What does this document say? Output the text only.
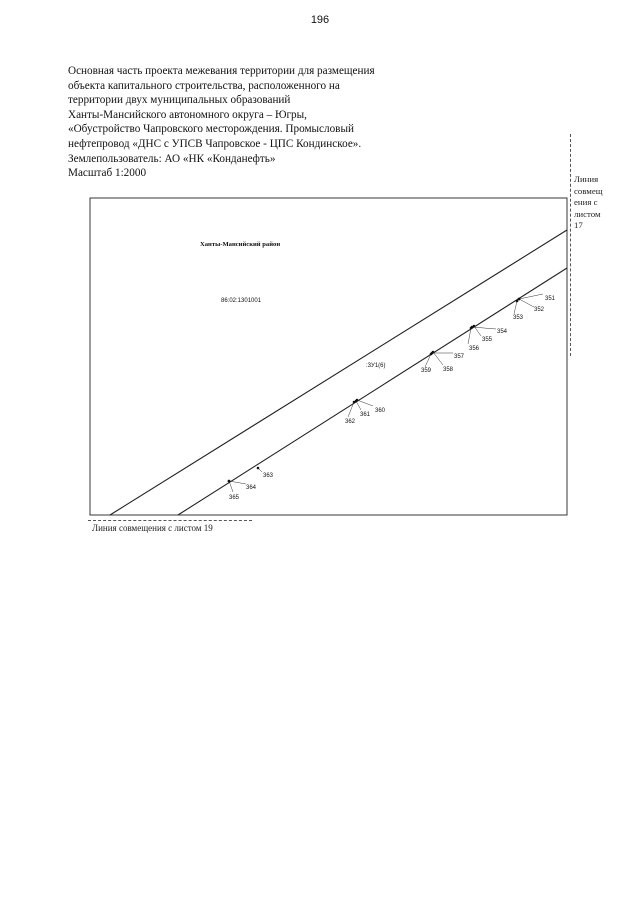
196
Основная часть проекта межевания территории для размещения
объекта капитального строительства, расположенного на
территории двух муниципальных образований
Ханты-Мансийского автономного округа – Югры,
«Обустройство Чапровского месторождения. Промысловый
нефтепровод «ДНС с УПСВ Чапровское - ЦПС Кондинское».
Землепользователь: АО «НК «Конданефть»
Масштаб 1:2000	Линия совмещения с листом 17
Ханты-Мансийский район
86:02:1301001
:3У1(6)
351
352
353
354
355
356
357
358
359
360
361
362
363
364
365
Линия совмещения с листом 19
